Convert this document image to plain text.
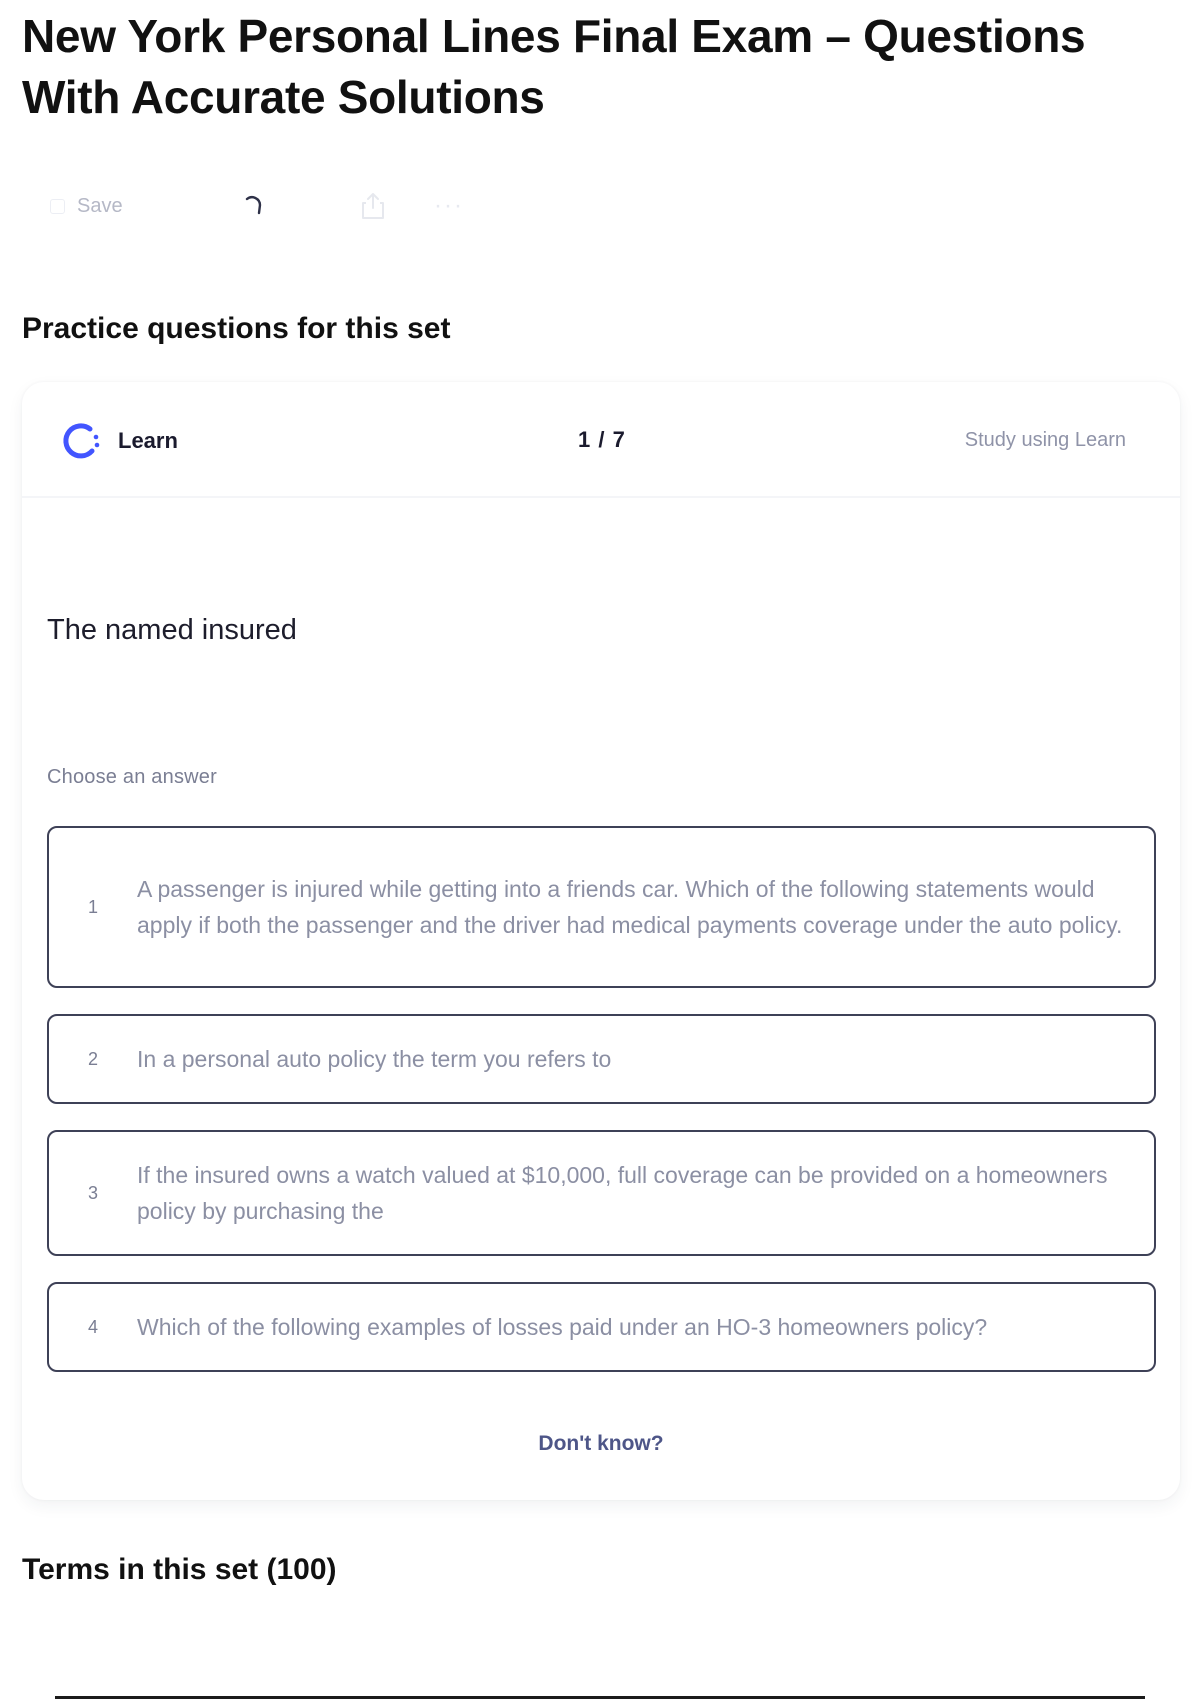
New York Personal Lines Final Exam – Questions With Accurate Solutions
Save	···
Practice questions for this set
Learn	1 / 7	Study using Learn
The named insured
Choose an answer
1
A passenger is injured while getting into a friends car. Which of the following statements would apply if both the passenger and the driver had medical payments coverage under the auto policy.
2	In a personal auto policy the term you refers to
3
If the insured owns a watch valued at $10,000, full coverage can be provided on a homeowners policy by purchasing the
4	Which of the following examples of losses paid under an HO-3 homeowners policy?
Don't know?
Terms in this set (100)
